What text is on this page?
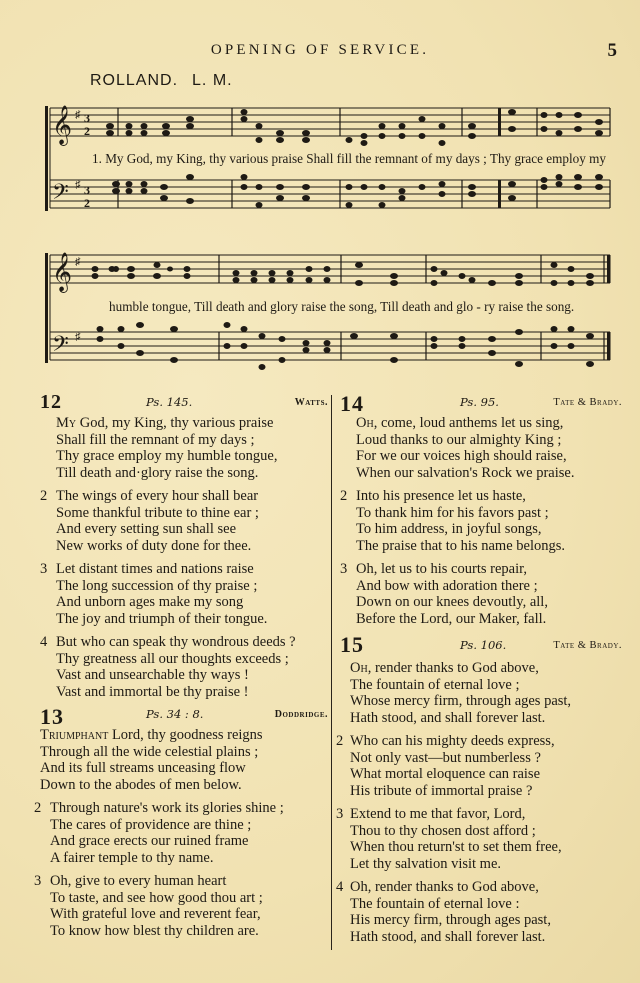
OPENING OF SERVICE.	5
ROLLAND. L. M.
𝄞
𝄢
♯
♯
3
2
3
2
1. My God, my King, thy various praise Shall fill the remnant of my days ; Thy grace employ my
𝄞
𝄢
♯
♯
humble tongue, Till death and glory raise the song, Till death and glo - ry raise the song.
12	Ps. 145.	Watts.
My God, my King, thy various praise
Shall fill the remnant of my days ;
Thy grace employ my humble tongue,
Till death and·glory raise the song.
2 The wings of every hour shall bear
Some thankful tribute to thine ear ;
And every setting sun shall see
New works of duty done for thee.
3 Let distant times and nations raise
The long succession of thy praise ;
And unborn ages make my song
The joy and triumph of their tongue.
4 But who can speak thy wondrous deeds ?
Thy greatness all our thoughts exceeds ;
Vast and unsearchable thy ways !
Vast and immortal be thy praise !
13	Ps. 34 : 8.	Doddridge.
Triumphant Lord, thy goodness reigns
Through all the wide celestial plains ;
And its full streams unceasing flow
Down to the abodes of men below.
2 Through nature's work its glories shine ;
The cares of providence are thine ;
And grace erects our ruined frame
A fairer temple to thy name.
3 Oh, give to every human heart
To taste, and see how good thou art ;
With grateful love and reverent fear,
To know how blest thy children are.
14	Ps. 95.	Tate & Brady.
Oh, come, loud anthems let us sing,
Loud thanks to our almighty King ;
For we our voices high should raise,
When our salvation's Rock we praise.
2 Into his presence let us haste,
To thank him for his favors past ;
To him address, in joyful songs,
The praise that to his name belongs.
3 Oh, let us to his courts repair,
And bow with adoration there ;
Down on our knees devoutly, all,
Before the Lord, our Maker, fall.
15	Ps. 106.	Tate & Brady.
Oh, render thanks to God above,
The fountain of eternal love ;
Whose mercy firm, through ages past,
Hath stood, and shall forever last.
2 Who can his mighty deeds express,
Not only vast—but numberless ?
What mortal eloquence can raise
His tribute of immortal praise ?
3 Extend to me that favor, Lord,
Thou to thy chosen dost afford ;
When thou return'st to set them free,
Let thy salvation visit me.
4 Oh, render thanks to God above,
The fountain of eternal love :
His mercy firm, through ages past,
Hath stood, and shall forever last.
